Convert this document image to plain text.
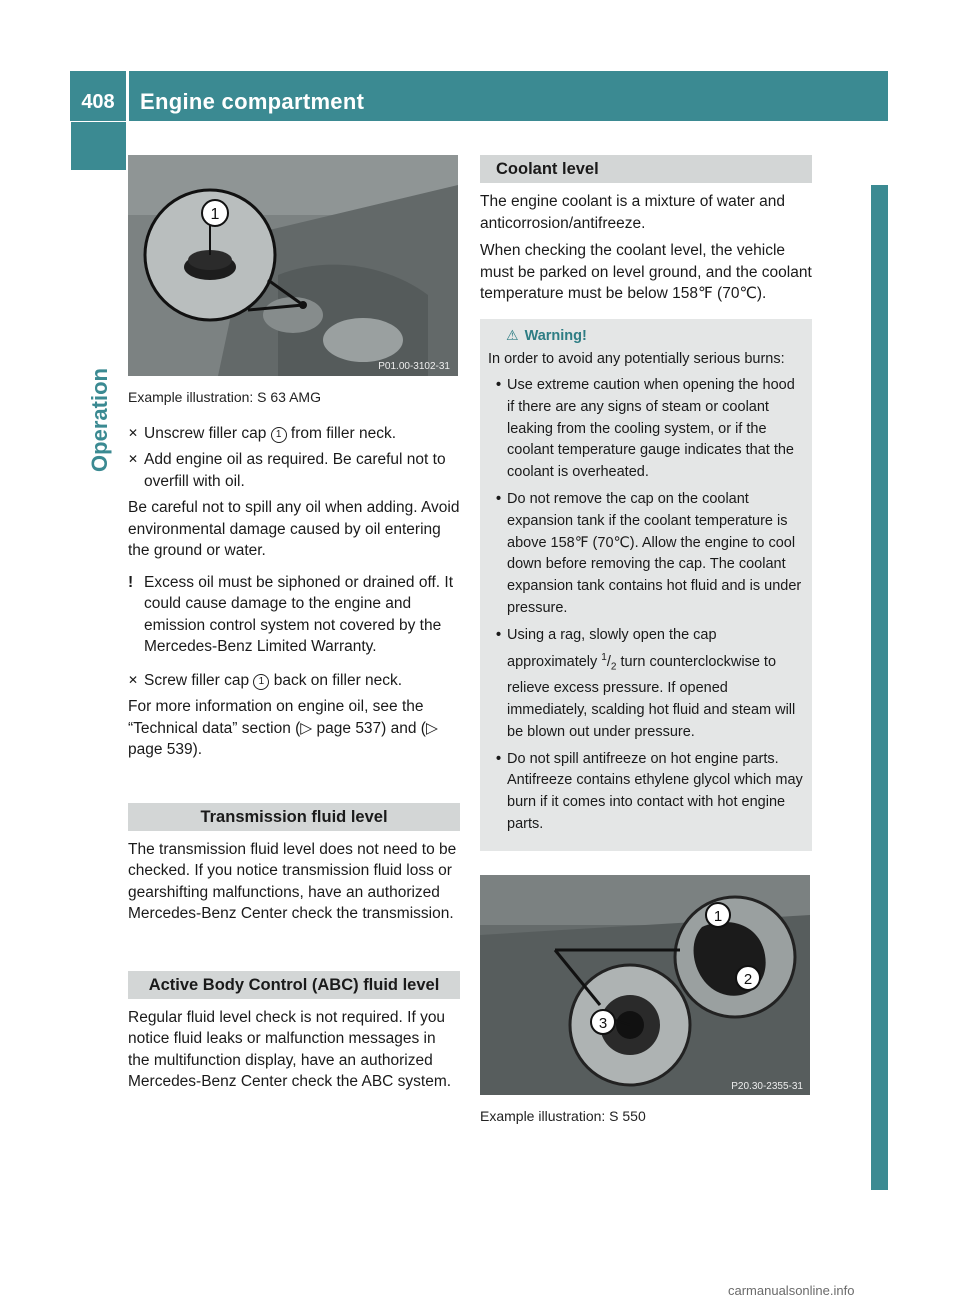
408	Engine compartment
Operation
1
P01.00-3102-31
Example illustration: S 63 AMG
✕ Unscrew filler cap 1 from filler neck.
✕ Add engine oil as required. Be careful not to overfill with oil.

Be careful not to spill any oil when adding. Avoid environmental damage caused by oil entering the ground or water.

! Excess oil must be siphoned or drained off. It could cause damage to the engine and emission control system not covered by the Mercedes-Benz Limited Warranty.
✕ Screw filler cap 1 back on filler neck.

For more information on engine oil, see the “Technical data” section (▷ page 537) and (▷ page 539).

Transmission fluid level

The transmission fluid level does not need to be checked. If you notice transmission fluid loss or gearshifting malfunctions, have an authorized Mercedes-Benz Center check the transmission.

Active Body Control (ABC) fluid level

Regular fluid level check is not required. If you notice fluid leaks or malfunction messages in the multifunction display, have an authorized Mercedes-Benz Center check the ABC system.

Coolant level

The engine coolant is a mixture of water and anticorrosion/antifreeze.

When checking the coolant level, the vehicle must be parked on level ground, and the coolant temperature must be below 158℉ (70℃).

⚠ Warning!
In order to avoid any potentially serious burns:
• Use extreme caution when opening the hood if there are any signs of steam or coolant leaking from the cooling system, or if the coolant temperature gauge indicates that the coolant is overheated.
• Do not remove the cap on the coolant expansion tank if the coolant temperature is above 158℉ (70℃). Allow the engine to cool down before removing the cap. The coolant expansion tank contains hot fluid and is under pressure.
• Using a rag, slowly open the cap approximately $^1/_2$ turn counterclockwise to relieve excess pressure. If opened immediately, scalding hot fluid and steam will be blown out under pressure.
• Do not spill antifreeze on hot engine parts. Antifreeze contains ethylene glycol which may burn if it comes into contact with hot engine parts.
1
2
3
P20.30-2355-31
Example illustration: S 550
carmanualsonline.info
